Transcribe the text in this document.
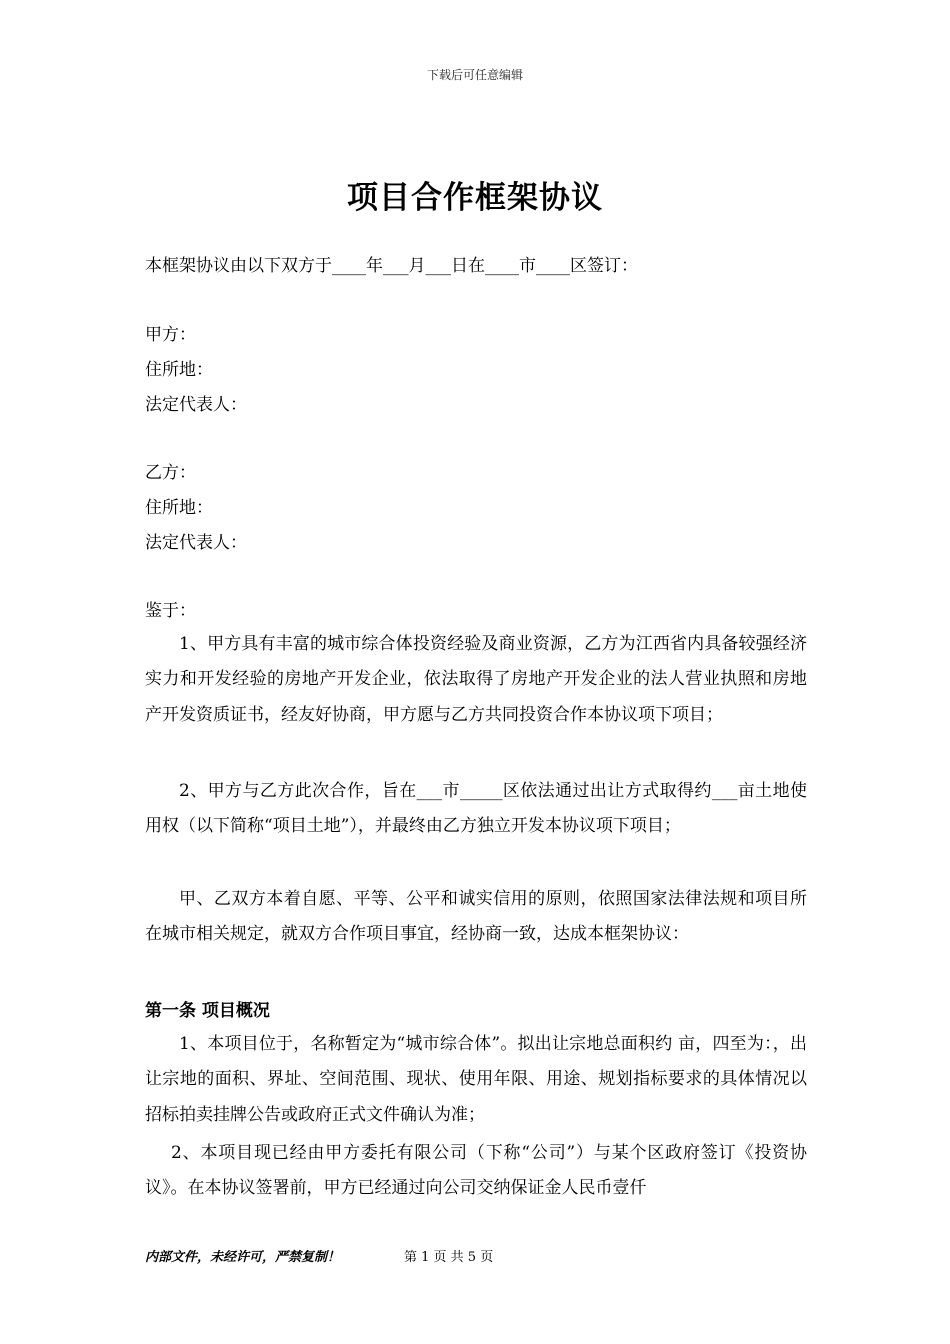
下载后可任意编辑
项目合作框架协议
本框架协议由以下双方于____年___月___日在____市____区签订：
甲方：
住所地：
法定代表人：
乙方：
住所地：
法定代表人：
鉴于：

1、甲方具有丰富的城市综合体投资经验及商业资源，乙方为江西省内具备较强经济实力和开发经验的房地产开发企业，依法取得了房地产开发企业的法人营业执照和房地产开发资质证书，经友好协商，甲方愿与乙方共同投资合作本协议项下项目；

2、甲方与乙方此次合作，旨在___市_____区依法通过出让方式取得约___亩土地使用权（以下简称“项目土地”），并最终由乙方独立开发本协议项下项目；

甲、乙双方本着自愿、平等、公平和诚实信用的原则，依照国家法律法规和项目所在城市相关规定，就双方合作项目事宜，经协商一致，达成本框架协议：

第一条 项目概况

1、本项目位于，名称暂定为“城市综合体”。拟出让宗地总面积约 亩，四至为：，出让宗地的面积、界址、空间范围、现状、使用年限、用途、规划指标要求的具体情况以招标拍卖挂牌公告或政府正式文件确认为准；

2、本项目现已经由甲方委托有限公司（下称“公司”）与某个区政府签订《投资协议》。在本协议签署前，甲方已经通过向公司交纳保证金人民币壹仟

内部文件，未经许可，严禁复制！	第 1 页 共 5 页
